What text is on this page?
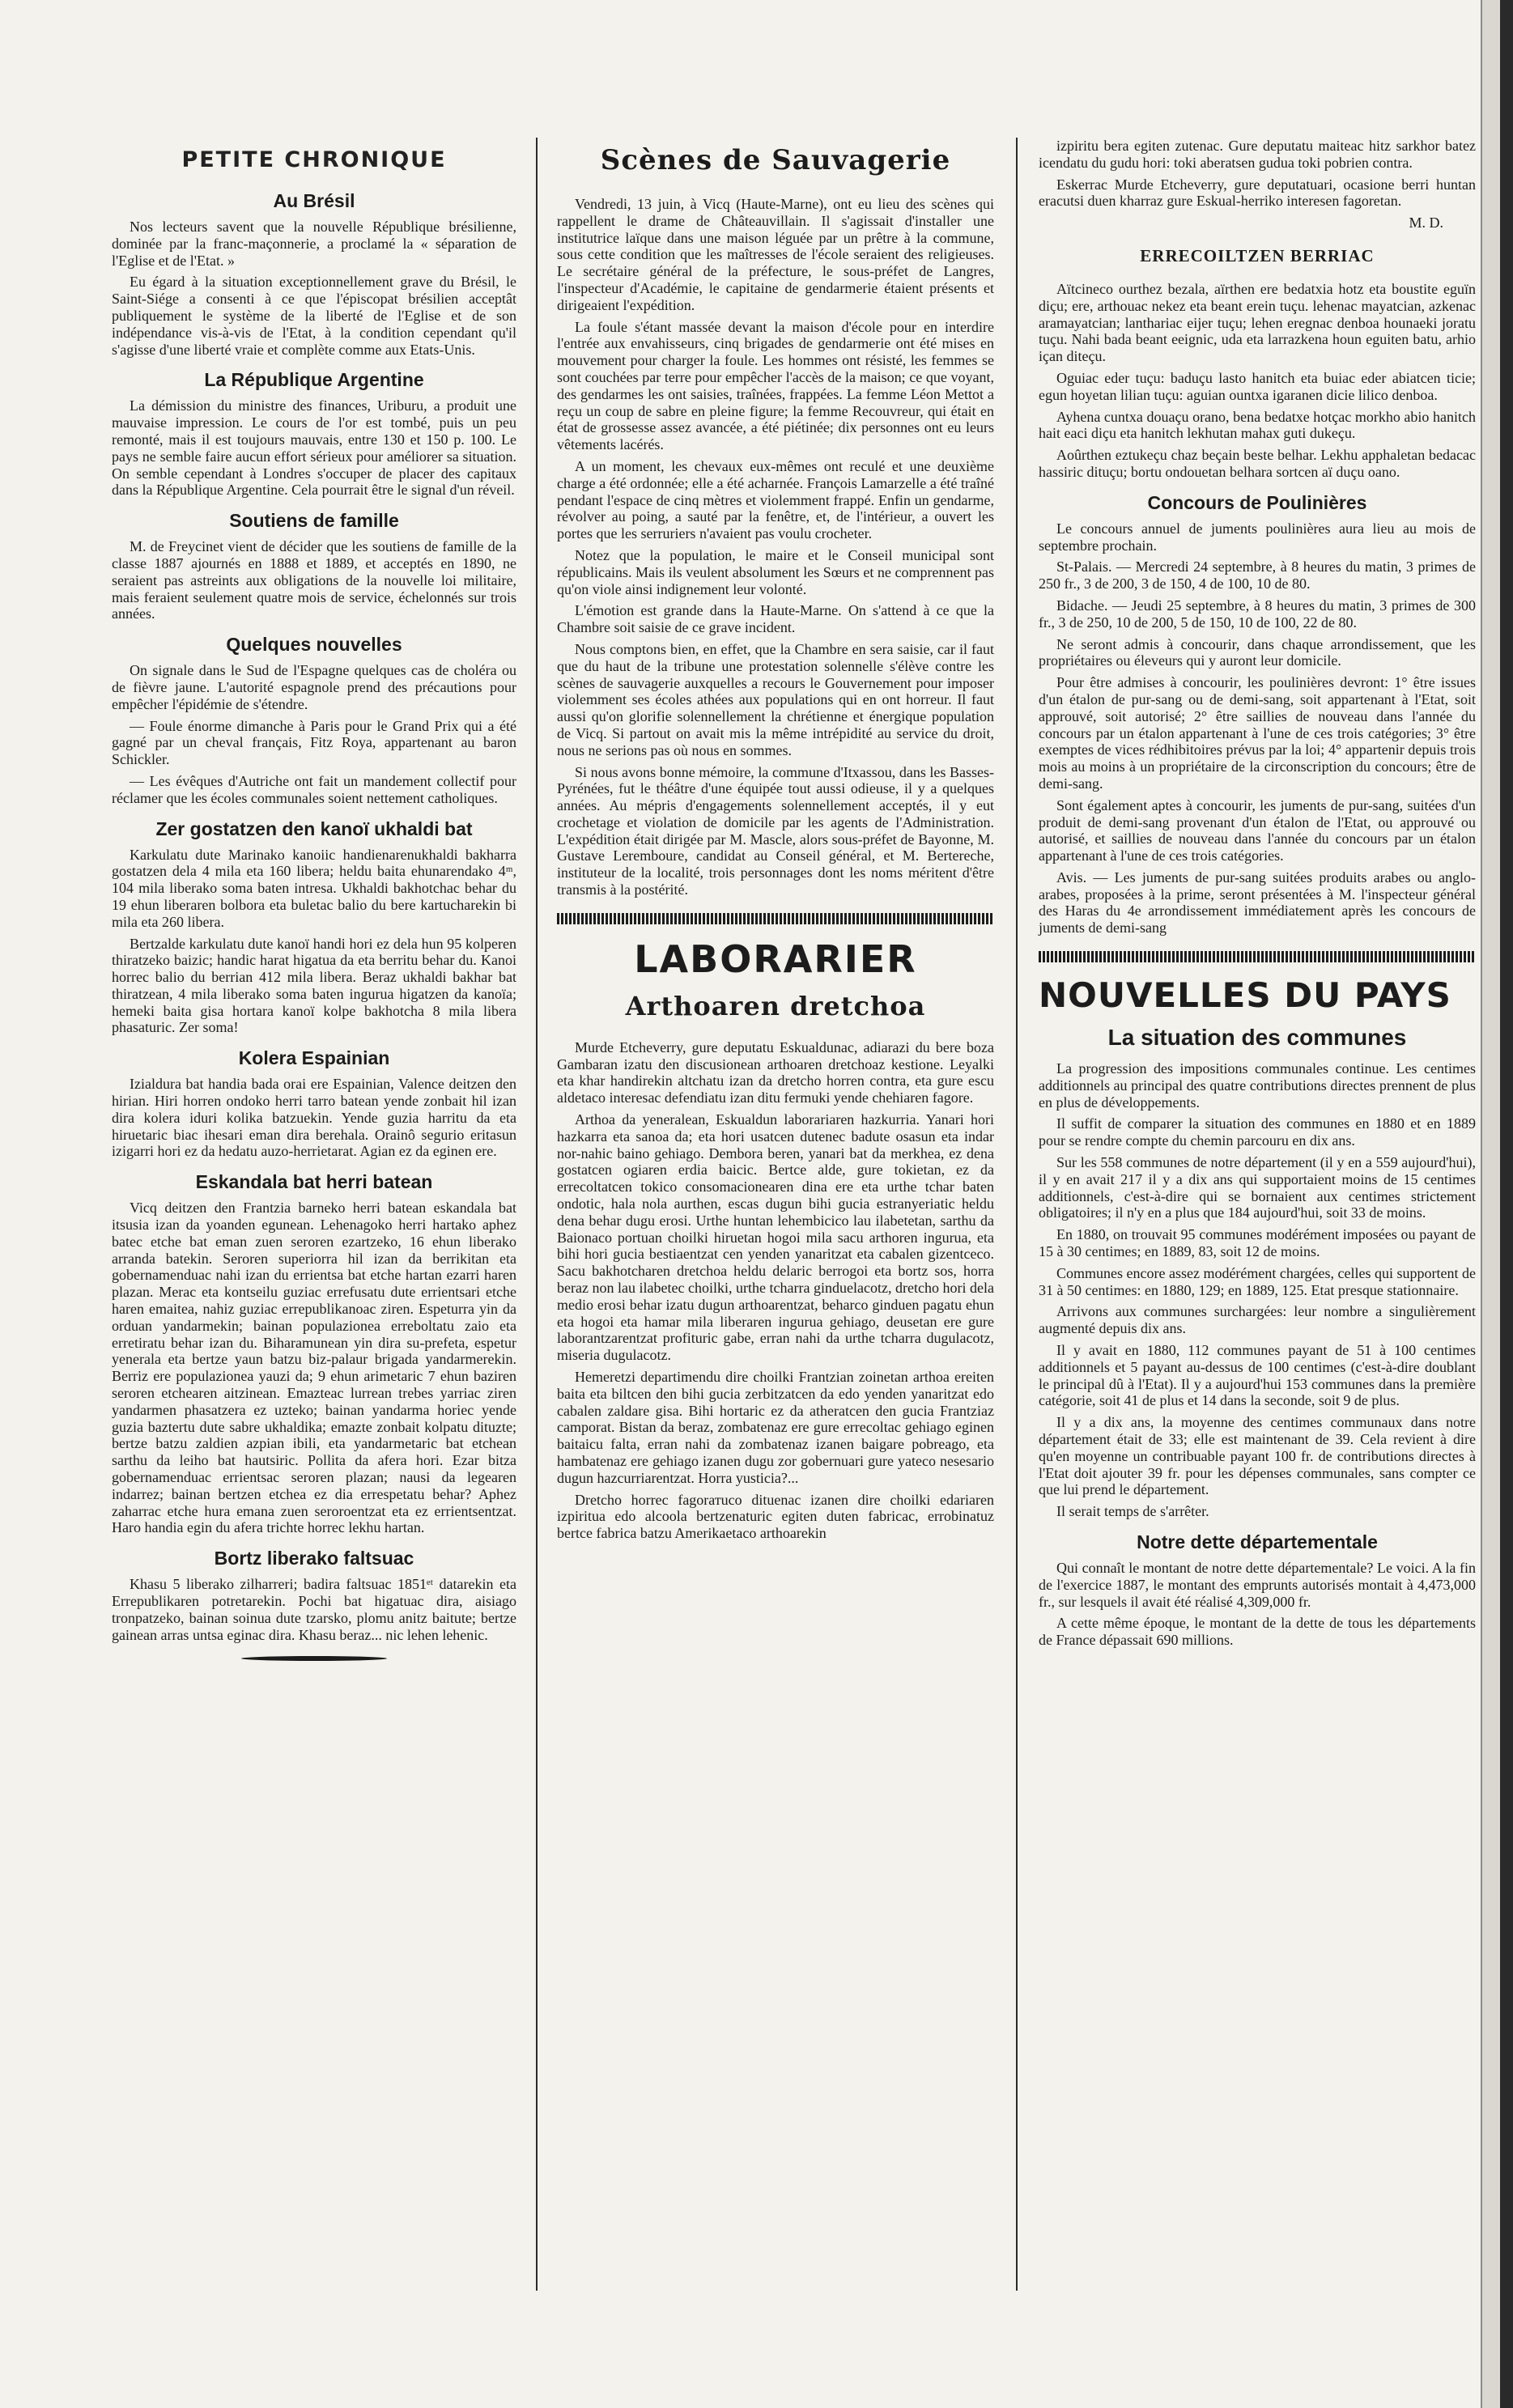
PETITE CHRONIQUE
Au Brésil

Nos lecteurs savent que la nouvelle République brésilienne, dominée par la franc-maçonnerie, a proclamé la « séparation de l'Eglise et de l'Etat. »

Eu égard à la situation exceptionnellement grave du Brésil, le Saint-Siége a consenti à ce que l'épiscopat brésilien acceptât publiquement le système de la liberté de l'Eglise et de son indépendance vis-à-vis de l'Etat, à la condition cependant qu'il s'agisse d'une liberté vraie et complète comme aux Etats-Unis.

La République Argentine

La démission du ministre des finances, Uriburu, a produit une mauvaise impression. Le cours de l'or est tombé, puis un peu remonté, mais il est toujours mauvais, entre 130 et 150 p. 100. Le pays ne semble faire aucun effort sérieux pour améliorer sa situation. On semble cependant à Londres s'occuper de placer des capitaux dans la République Argentine. Cela pourrait être le signal d'un réveil.

Soutiens de famille

M. de Freycinet vient de décider que les soutiens de famille de la classe 1887 ajournés en 1888 et 1889, et acceptés en 1890, ne seraient pas astreints aux obligations de la nouvelle loi militaire, mais feraient seulement quatre mois de service, échelonnés sur trois années.

Quelques nouvelles

On signale dans le Sud de l'Espagne quelques cas de choléra ou de fièvre jaune. L'autorité espagnole prend des précautions pour empêcher l'épidémie de s'étendre.

— Foule énorme dimanche à Paris pour le Grand Prix qui a été gagné par un cheval français, Fitz Roya, appartenant au baron Schickler.

— Les évêques d'Autriche ont fait un mandement collectif pour réclamer que les écoles communales soient nettement catholiques.

Zer gostatzen den kanoï ukhaldi bat

Karkulatu dute Marinako kanoiic handienarenukhaldi bakharra gostatzen dela 4 mila eta 160 libera; heldu baita ehunarendako 4ᵐ, 104 mila liberako soma baten intresa. Ukhaldi bakhotchac behar du 19 ehun liberaren bolbora eta buletac balio du bere kartucharekin bi mila eta 260 libera.

Bertzalde karkulatu dute kanoï handi hori ez dela hun 95 kolperen thiratzeko baizic; handic harat higatua da eta berritu behar du. Kanoi horrec balio du berrian 412 mila libera. Beraz ukhaldi bakhar bat thiratzean, 4 mila liberako soma baten ingurua higatzen da kanoïa; hemeki baita gisa hortara kanoï kolpe bakhotcha 8 mila libera phasaturic. Zer soma!

Kolera Espainian

Izialdura bat handia bada orai ere Espainian, Valence deitzen den hirian. Hiri horren ondoko herri tarro batean yende zonbait hil izan dira kolera iduri kolika batzuekin. Yende guzia harritu da eta hiruetaric biac ihesari eman dira berehala. Orainô segurio eritasun izigarri hori ez da hedatu auzo-herrietarat. Agian ez da eginen ere.

Eskandala bat herri batean

Vicq deitzen den Frantzia barneko herri batean eskandala bat itsusia izan da yoanden egunean. Lehenagoko herri hartako aphez batec etche bat eman zuen seroren ezartzeko, 16 ehun liberako arranda batekin. Seroren superiorra hil izan da berrikitan eta gobernamenduac nahi izan du errientsa bat etche hartan ezarri haren plazan. Merac eta kontseilu guziac errefusatu dute errientsari etche haren emaitea, nahiz guziac errepublikanoac ziren. Espeturra yin da orduan yandarmekin; bainan populazionea erreboltatu zaio eta erretiratu behar izan du. Biharamunean yin dira su-prefeta, espetur yenerala eta bertze yaun batzu biz-palaur brigada yandarmerekin. Berriz ere populazionea yauzi da; 9 ehun arimetaric 7 ehun baziren seroren etchearen aitzinean. Emazteac lurrean trebes yarriac ziren yandarmen phasatzera ez uzteko; bainan yandarma horiec yende guzia baztertu dute sabre ukhaldika; emazte zonbait kolpatu dituzte; bertze batzu zaldien azpian ibili, eta yandarmetaric bat etchean sarthu da leiho bat hautsiric. Pollita da afera hori. Ezar bitza gobernamenduac errientsac seroren plazan; nausi da legearen indarrez; bainan bertzen etchea ez dia errespetatu behar? Aphez zaharrac etche hura emana zuen seroroentzat eta ez errientsentzat. Haro handia egin du afera trichte horrec lekhu hartan.

Bortz liberako faltsuac

Khasu 5 liberako zilharreri; badira faltsuac 1851ᵉᵗ datarekin eta Errepublikaren potretarekin. Pochi bat higatuac dira, aisiago tronpatzeko, bainan soinua dute tzarsko, plomu anitz baitute; bertze gainean arras untsa eginac dira. Khasu beraz... nic lehen lehenic.

Scènes de Sauvagerie

Vendredi, 13 juin, à Vicq (Haute-Marne), ont eu lieu des scènes qui rappellent le drame de Châteauvillain. Il s'agissait d'installer une institutrice laïque dans une maison léguée par un prêtre à la commune, sous cette condition que les maîtresses de l'école seraient des religieuses. Le secrétaire général de la préfecture, le sous-préfet de Langres, l'inspecteur d'Académie, le capitaine de gendarmerie étaient présents et dirigeaient l'expédition.

La foule s'étant massée devant la maison d'école pour en interdire l'entrée aux envahisseurs, cinq brigades de gendarmerie ont été mises en mouvement pour charger la foule. Les hommes ont résisté, les femmes se sont couchées par terre pour empêcher l'accès de la maison; ce que voyant, des gendarmes les ont saisies, traînées, frappées. La femme Léon Mettot a reçu un coup de sabre en pleine figure; la femme Recouvreur, qui était en état de grossesse assez avancée, a été piétinée; dix personnes ont eu leurs vêtements lacérés.

A un moment, les chevaux eux-mêmes ont reculé et une deuxième charge a été ordonnée; elle a été acharnée. François Lamarzelle a été traîné pendant l'espace de cinq mètres et violemment frappé. Enfin un gendarme, révolver au poing, a sauté par la fenêtre, et, de l'intérieur, a ouvert les portes que les serruriers n'avaient pas voulu crocheter.

Notez que la population, le maire et le Conseil municipal sont républicains. Mais ils veulent absolument les Sœurs et ne comprennent pas qu'on viole ainsi indignement leur volonté.

L'émotion est grande dans la Haute-Marne. On s'attend à ce que la Chambre soit saisie de ce grave incident.

Nous comptons bien, en effet, que la Chambre en sera saisie, car il faut que du haut de la tribune une protestation solennelle s'élève contre les scènes de sauvagerie auxquelles a recours le Gouvernement pour imposer violemment ses écoles athées aux populations qui en ont horreur. Il faut aussi qu'on glorifie solennellement la chrétienne et énergique population de Vicq. Si partout on avait mis la même intrépidité au service du droit, nous ne serions pas où nous en sommes.

Si nous avons bonne mémoire, la commune d'Itxassou, dans les Basses-Pyrénées, fut le théâtre d'une équipée tout aussi odieuse, il y a quelques années. Au mépris d'engagements solennellement acceptés, il y eut crochetage et violation de domicile par les agents de l'Administration. L'expédition était dirigée par M. Mascle, alors sous-préfet de Bayonne, M. Gustave Lerembourе, candidat au Conseil général, et M. Bertereche, instituteur de la localité, trois personnages dont les noms méritent d'être transmis à la postérité.

LABORARIER
Arthoaren dretchoa

Murde Etcheverry, gure deputatu Eskualdunac, adiarazi du bere boza Gambaran izatu den discusionean arthoaren dretchoaz kestione. Leyalki eta khar handirekin altchatu izan da dretcho horren contra, eta gure escu aldetaco interesac defendiatu izan ditu fermuki yende chehiaren fagore.

Arthoa da yeneralean, Eskualdun laborariaren hazkurria. Yanari hori hazkarra eta sanoa da; eta hori usatcen dutenec badute osasun eta indar nor-nahic baino gehiago. Dembora beren, yanari bat da merkhea, ez dena gostatcen ogiaren erdia baicic. Bertce alde, gure tokietan, ez da errecoltatcen tokico consomacionearen dina ere eta urthe tchar baten ondotic, hala nola aurthen, escas dugun bihi gucia estranyeriatic heldu dena behar dugu erosi. Urthe huntan lehembicico lau ilabetetan, sarthu da Baionaco portuan choilki hiruetan hogoi mila sacu arthoren ingurua, eta bihi hori gucia bestiaentzat cen yenden yanaritzat eta cabalen gizentceco. Sacu bakhotcharen dretchoa heldu delaric berrogoi eta bortz sos, horra beraz non lau ilabetec choilki, urthe tcharra ginduelacotz, dretcho hori dela medio erosi behar izatu dugun arthoarentzat, beharco ginduen pagatu ehun eta hogoi eta hamar mila liberaren ingurua gehiago, deusetan ere gure laborantzarentzat profituric gabe, erran nahi da urthe tcharra dugulacotz, miseria dugulacotz.

Hemeretzi departimendu dire choilki Frantzian zoinetan arthoa ereiten baita eta biltcen den bihi gucia zerbitzatcen da edo yenden yanaritzat edo cabalen zaldare gisa. Bihi hortaric ez da atheratcen den gucia Frantziaz camporat. Bistan da beraz, zombatenaz ere gure errecoltac gehiago eginen baitaicu falta, erran nahi da zombatenaz izanen baigare pobreago, eta hambatenaz ere gehiago izanen dugu zor gobernuari gure yateco nesesario dugun hazcurriarentzat. Horra yusticia?...

Dretcho horrec fagorатuco dituenac izanen dire choilki edariaren izpiritua edo alcoola bertzenaturic egiten duten fabricac, errobinatuz bertce fabrica batzu Amerikаetaco arthoarekin

izpiritu bera egiten zutenac. Gure deputatu maiteac hitz sarkhor batez icendatu du gudu hori: toki aberatsen gudua toki pobrien contra.

Eskerrac Murde Etcheverry, gure deputatuari, ocasione berri huntan eracutsi duen kharraz gure Eskual-herriko interesen fagoretan.

M. D.

ERRECOILTZEN BERRIAC

Aïtcineco ourthez bezala, aïrthen ere bedatxia hotz eta boustite eguïn diçu; ere, arthouac nekez eta beant erein tuçu. lehenac mayatcian, azkenac aramayatcian; lantharіac eijer tuçu; lehen eregnac denboa hounaeki joratu tuçu. Nahi bada beant eeignic, uda eta larrazkena houn eguiten batu, arhio içan diteçu.

Oguiac eder tuçu: baduçu lasto hanitch eta buiac eder abiatcen ticie; egun hoyetan lilian tuçu: aguian ountxa igaranen dicie lilico denboa.

Ayhena cuntxa douaçu orano, bena bedatxe hotçac morkho abio hanitch hait eaci diçu eta hanitch lekhutan mahax guti dukeçu.

Aoûrthen eztukeçu chaz beçain beste belhar. Lekhu apphaletan bedacac hassiric dituçu; bortu ondouetan belhara sortcen aï duçu oano.

Concours de Poulinières

Le concours annuel de juments poulinières aura lieu au mois de septembre prochain.

St-Palais. — Mercredi 24 septembre, à 8 heures du matin, 3 primes de 250 fr., 3 de 200, 3 de 150, 4 de 100, 10 de 80.

Bidache. — Jeudi 25 septembre, à 8 heures du matin, 3 primes de 300 fr., 3 de 250, 10 de 200, 5 de 150, 10 de 100, 22 de 80.

Ne seront admis à concourir, dans chaque arrondissement, que les propriétaires ou éleveurs qui y auront leur domicile.

Pour être admises à concourir, les poulinières devront: 1° être issues d'un étalon de pur-sang ou de demi-sang, soit appartenant à l'Etat, soit approuvé, soit autorisé; 2° être saillies de nouveau dans l'année du concours par un étalon appartenant à l'une de ces trois catégories; 3° être exemptes de vices rédhibitoires prévus par la loi; 4° appartenir depuis trois mois au moins à un propriétaire de la circonscription du concours; être de demi-sang.

Sont également aptes à concourir, les juments de pur-sang, suitées d'un produit de demi-sang provenant d'un étalon de l'Etat, ou approuvé ou autorisé, et saillies de nouveau dans l'année du concours par un étalon appartenant à l'une de ces trois catégories.

Avis. — Les juments de pur-sang suitées produits arabes ou anglo-arabes, proposées à la prime, seront présentées à M. l'inspecteur général des Haras du 4e arrondissement immédiatement après les concours de juments de demi-sang

NOUVELLES DU PAYS
La situation des communes

La progression des impositions communales continue. Les centimes additionnels au principal des quatre contributions directes prennent de plus en plus de développements.

Il suffit de comparer la situation des communes en 1880 et en 1889 pour se rendre compte du chemin parcouru en dix ans.

Sur les 558 communes de notre département (il y en a 559 aujourd'hui), il y en avait 217 il y a dix ans qui supportaient moins de 15 centimes additionnels, c'est-à-dire qui se bornaient aux centimes strictement obligatoires; il n'y en a plus que 184 aujourd'hui, soit 33 de moins.

En 1880, on trouvait 95 communes modérément imposées ou payant de 15 à 30 centimes; en 1889, 83, soit 12 de moins.

Communes encore assez modérément chargées, celles qui supportent de 31 à 50 centimes: en 1880, 129; en 1889, 125. Etat presque stationnaire.

Arrivons aux communes surchargées: leur nombre a singulièrement augmenté depuis dix ans.

Il y avait en 1880, 112 communes payant de 51 à 100 centimes additionnels et 5 payant au-dessus de 100 centimes (c'est-à-dire doublant le principal dû à l'Etat). Il y a aujourd'hui 153 communes dans la première catégorie, soit 41 de plus et 14 dans la seconde, soit 9 de plus.

Il y a dix ans, la moyenne des centimes communaux dans notre département était de 33; elle est maintenant de 39. Cela revient à dire qu'en moyenne un contribuable payant 100 fr. de contributions directes à l'Etat doit ajouter 39 fr. pour les dépenses communales, sans compter ce que lui prend le département.

Il serait temps de s'arrêter.

Notre dette départementale

Qui connaît le montant de notre dette départementale? Le voici. A la fin de l'exercice 1887, le montant des emprunts autorisés montait à 4,473,000 fr., sur lesquels il avait été réalisé 4,309,000 fr.

A cette même époque, le montant de la dette de tous les départements de France dépassait 690 millions.
